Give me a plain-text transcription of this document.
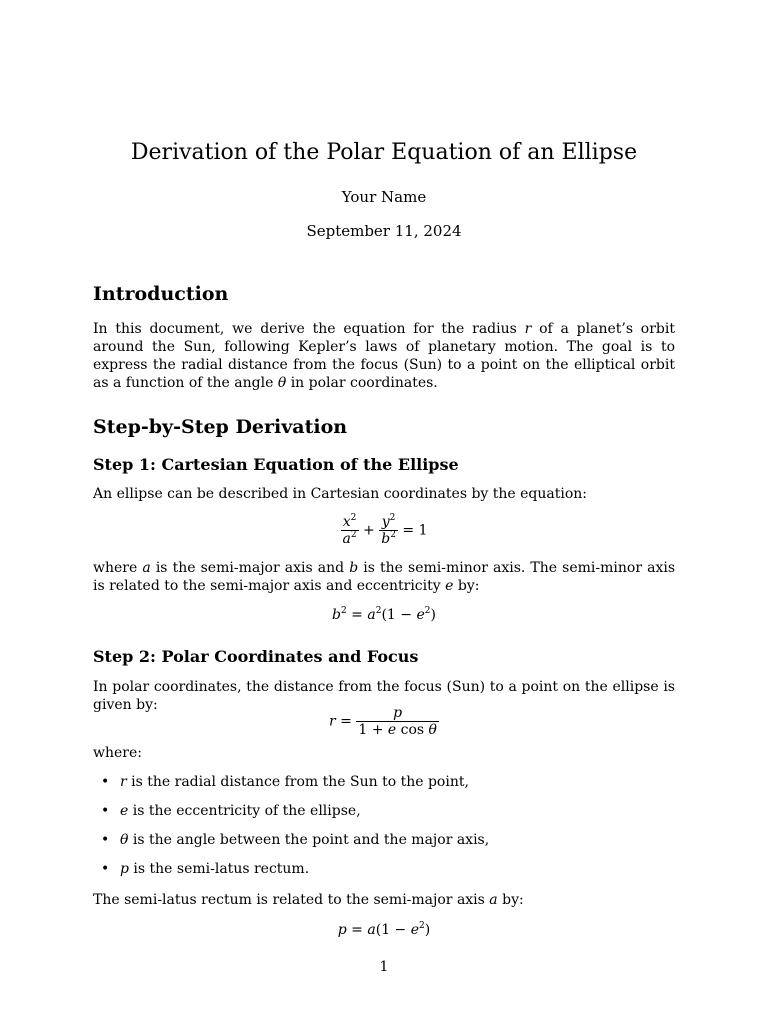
Derivation of the Polar Equation of an Ellipse
Your Name
September 11, 2024
Introduction

In this document, we derive the equation for the radius r of a planet’s orbit around the Sun, following Kepler’s laws of planetary motion. The goal is to express the radial distance from the focus (Sun) to a point on the elliptical orbit as a function of the angle θ in polar coordinates.

Step-by-Step Derivation
Step 1: Cartesian Equation of the Ellipse

An ellipse can be described in Cartesian coordinates by the equation:

$\frac{x^2}{a^2} + \frac{y^2}{b^2} = 1$

where a is the semi-major axis and b is the semi-minor axis. The semi-minor axis is related to the semi-major axis and eccentricity e by:

$b^2 = a^2(1 - e^2)$
Step 2: Polar Coordinates and Focus

In polar coordinates, the distance from the focus (Sun) to a point on the ellipse is given by:

$r = \frac{p}{\text{1 + e cos θ}}$

where:

• r is the radial distance from the Sun to the point,
• e is the eccentricity of the ellipse,
• θ is the angle between the point and the major axis,
• p is the semi-latus rectum.

The semi-latus rectum is related to the semi-major axis a by:

$p = a(1 - e^2)$
1
